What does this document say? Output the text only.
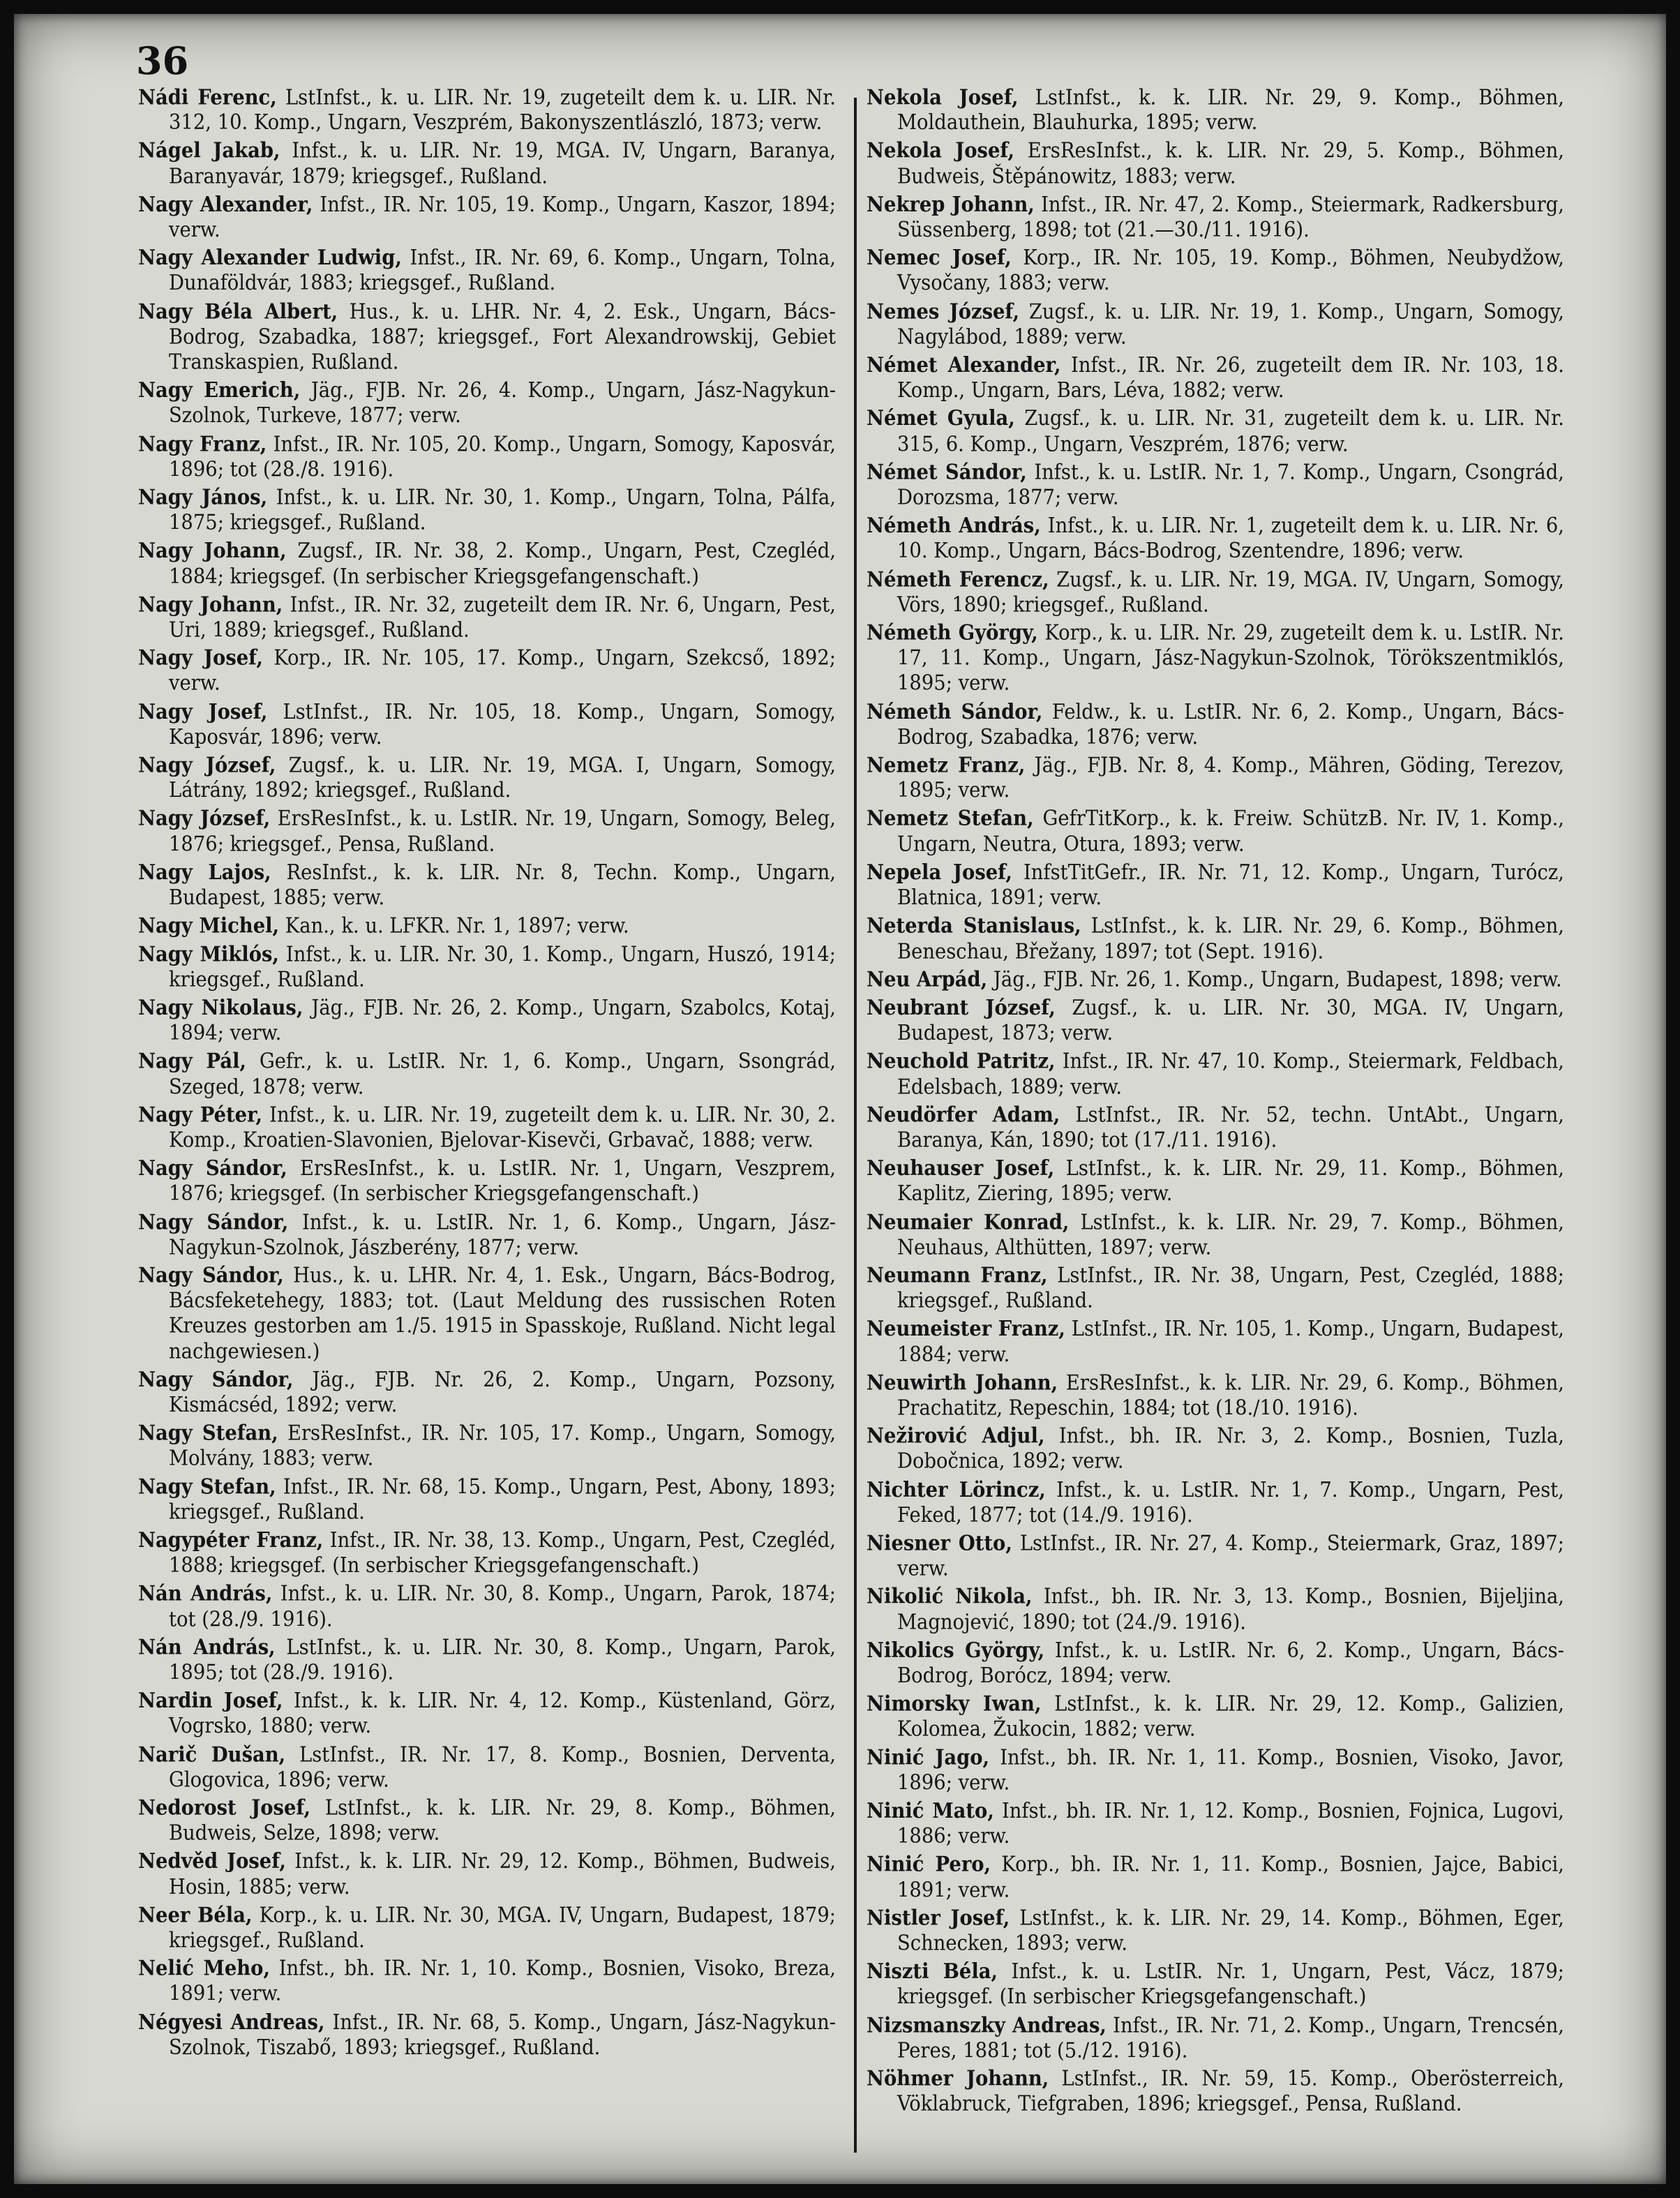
36

Nádi Ferenc, LstInfst., k. u. LIR. Nr. 19, zugeteilt dem k. u. LIR. Nr. 312, 10. Komp., Ungarn, Veszprém, Bakonyszentlászló, 1873; verw.

Nágel Jakab, Infst., k. u. LIR. Nr. 19, MGA. IV, Ungarn, Baranya, Baranyavár, 1879; kriegsgef., Rußland.

Nagy Alexander, Infst., IR. Nr. 105, 19. Komp., Ungarn, Kaszor, 1894; verw.

Nagy Alexander Ludwig, Infst., IR. Nr. 69, 6. Komp., Ungarn, Tolna, Dunaföldvár, 1883; kriegsgef., Rußland.

Nagy Béla Albert, Hus., k. u. LHR. Nr. 4, 2. Esk., Ungarn, Bács-Bodrog, Szabadka, 1887; kriegsgef., Fort Alexandrowskij, Gebiet Transkaspien, Rußland.

Nagy Emerich, Jäg., FJB. Nr. 26, 4. Komp., Ungarn, Jász-Nagykun-Szolnok, Turkeve, 1877; verw.

Nagy Franz, Infst., IR. Nr. 105, 20. Komp., Ungarn, Somogy, Kaposvár, 1896; tot (28./8. 1916).

Nagy János, Infst., k. u. LIR. Nr. 30, 1. Komp., Ungarn, Tolna, Pálfa, 1875; kriegsgef., Rußland.

Nagy Johann, Zugsf., IR. Nr. 38, 2. Komp., Ungarn, Pest, Czegléd, 1884; kriegsgef. (In serbischer Kriegsgefangenschaft.)

Nagy Johann, Infst., IR. Nr. 32, zugeteilt dem IR. Nr. 6, Ungarn, Pest, Uri, 1889; kriegsgef., Rußland.

Nagy Josef, Korp., IR. Nr. 105, 17. Komp., Ungarn, Szekcső, 1892; verw.

Nagy Josef, LstInfst., IR. Nr. 105, 18. Komp., Ungarn, Somogy, Kaposvár, 1896; verw.

Nagy József, Zugsf., k. u. LIR. Nr. 19, MGA. I, Ungarn, Somogy, Látrány, 1892; kriegsgef., Rußland.

Nagy József, ErsResInfst., k. u. LstIR. Nr. 19, Ungarn, Somogy, Beleg, 1876; kriegsgef., Pensa, Rußland.

Nagy Lajos, ResInfst., k. k. LIR. Nr. 8, Techn. Komp., Ungarn, Budapest, 1885; verw.

Nagy Michel, Kan., k. u. LFKR. Nr. 1, 1897; verw.

Nagy Miklós, Infst., k. u. LIR. Nr. 30, 1. Komp., Ungarn, Huszó, 1914; kriegsgef., Rußland.

Nagy Nikolaus, Jäg., FJB. Nr. 26, 2. Komp., Ungarn, Szabolcs, Kotaj, 1894; verw.

Nagy Pál, Gefr., k. u. LstIR. Nr. 1, 6. Komp., Ungarn, Ssongrád, Szeged, 1878; verw.

Nagy Péter, Infst., k. u. LIR. Nr. 19, zugeteilt dem k. u. LIR. Nr. 30, 2. Komp., Kroatien-Slavonien, Bjelovar-Kisevči, Grbavač, 1888; verw.

Nagy Sándor, ErsResInfst., k. u. LstIR. Nr. 1, Ungarn, Veszprem, 1876; kriegsgef. (In serbischer Kriegsgefangenschaft.)

Nagy Sándor, Infst., k. u. LstIR. Nr. 1, 6. Komp., Ungarn, Jász-Nagykun-Szolnok, Jászberény, 1877; verw.

Nagy Sándor, Hus., k. u. LHR. Nr. 4, 1. Esk., Ungarn, Bács-Bodrog, Bácsfeketehegy, 1883; tot. (Laut Meldung des russischen Roten Kreuzes gestorben am 1./5. 1915 in Spasskoje, Rußland. Nicht legal nachgewiesen.)

Nagy Sándor, Jäg., FJB. Nr. 26, 2. Komp., Ungarn, Pozsony, Kismácséd, 1892; verw.

Nagy Stefan, ErsResInfst., IR. Nr. 105, 17. Komp., Ungarn, Somogy, Molvány, 1883; verw.

Nagy Stefan, Infst., IR. Nr. 68, 15. Komp., Ungarn, Pest, Abony, 1893; kriegsgef., Rußland.

Nagypéter Franz, Infst., IR. Nr. 38, 13. Komp., Ungarn, Pest, Czegléd, 1888; kriegsgef. (In serbischer Kriegsgefangenschaft.)

Nán András, Infst., k. u. LIR. Nr. 30, 8. Komp., Ungarn, Parok, 1874; tot (28./9. 1916).

Nán András, LstInfst., k. u. LIR. Nr. 30, 8. Komp., Ungarn, Parok, 1895; tot (28./9. 1916).

Nardin Josef, Infst., k. k. LIR. Nr. 4, 12. Komp., Küstenland, Görz, Vogrsko, 1880; verw.

Narič Dušan, LstInfst., IR. Nr. 17, 8. Komp., Bosnien, Derventa, Glogovica, 1896; verw.

Nedorost Josef, LstInfst., k. k. LIR. Nr. 29, 8. Komp., Böhmen, Budweis, Selze, 1898; verw.

Nedvěd Josef, Infst., k. k. LIR. Nr. 29, 12. Komp., Böhmen, Budweis, Hosin, 1885; verw.

Neer Béla, Korp., k. u. LIR. Nr. 30, MGA. IV, Ungarn, Budapest, 1879; kriegsgef., Rußland.

Nelić Meho, Infst., bh. IR. Nr. 1, 10. Komp., Bosnien, Visoko, Breza, 1891; verw.

Négyesi Andreas, Infst., IR. Nr. 68, 5. Komp., Ungarn, Jász-Nagykun-Szolnok, Tiszabő, 1893; kriegsgef., Rußland.

Nekola Josef, LstInfst., k. k. LIR. Nr. 29, 9. Komp., Böhmen, Moldauthein, Blauhurka, 1895; verw.

Nekola Josef, ErsResInfst., k. k. LIR. Nr. 29, 5. Komp., Böhmen, Budweis, Štěpánowitz, 1883; verw.

Nekrep Johann, Infst., IR. Nr. 47, 2. Komp., Steiermark, Radkersburg, Süssenberg, 1898; tot (21.—30./11. 1916).

Nemec Josef, Korp., IR. Nr. 105, 19. Komp., Böhmen, Neubydžow, Vysočany, 1883; verw.

Nemes József, Zugsf., k. u. LIR. Nr. 19, 1. Komp., Ungarn, Somogy, Nagylábod, 1889; verw.

Német Alexander, Infst., IR. Nr. 26, zugeteilt dem IR. Nr. 103, 18. Komp., Ungarn, Bars, Léva, 1882; verw.

Német Gyula, Zugsf., k. u. LIR. Nr. 31, zugeteilt dem k. u. LIR. Nr. 315, 6. Komp., Ungarn, Veszprém, 1876; verw.

Német Sándor, Infst., k. u. LstIR. Nr. 1, 7. Komp., Ungarn, Csongrád, Dorozsma, 1877; verw.

Németh András, Infst., k. u. LIR. Nr. 1, zugeteilt dem k. u. LIR. Nr. 6, 10. Komp., Ungarn, Bács-Bodrog, Szentendre, 1896; verw.

Németh Ferencz, Zugsf., k. u. LIR. Nr. 19, MGA. IV, Ungarn, Somogy, Vörs, 1890; kriegsgef., Rußland.

Németh György, Korp., k. u. LIR. Nr. 29, zugeteilt dem k. u. LstIR. Nr. 17, 11. Komp., Ungarn, Jász-Nagykun-Szolnok, Törökszentmiklós, 1895; verw.

Németh Sándor, Feldw., k. u. LstIR. Nr. 6, 2. Komp., Ungarn, Bács-Bodrog, Szabadka, 1876; verw.

Nemetz Franz, Jäg., FJB. Nr. 8, 4. Komp., Mähren, Göding, Terezov, 1895; verw.

Nemetz Stefan, GefrTitKorp., k. k. Freiw. SchützB. Nr. IV, 1. Komp., Ungarn, Neutra, Otura, 1893; verw.

Nepela Josef, InfstTitGefr., IR. Nr. 71, 12. Komp., Ungarn, Turócz, Blatnica, 1891; verw.

Neterda Stanislaus, LstInfst., k. k. LIR. Nr. 29, 6. Komp., Böhmen, Beneschau, Břežany, 1897; tot (Sept. 1916).

Neu Arpád, Jäg., FJB. Nr. 26, 1. Komp., Ungarn, Budapest, 1898; verw.

Neubrant József, Zugsf., k. u. LIR. Nr. 30, MGA. IV, Ungarn, Budapest, 1873; verw.

Neuchold Patritz, Infst., IR. Nr. 47, 10. Komp., Steiermark, Feldbach, Edelsbach, 1889; verw.

Neudörfer Adam, LstInfst., IR. Nr. 52, techn. UntAbt., Ungarn, Baranya, Kán, 1890; tot (17./11. 1916).

Neuhauser Josef, LstInfst., k. k. LIR. Nr. 29, 11. Komp., Böhmen, Kaplitz, Ziering, 1895; verw.

Neumaier Konrad, LstInfst., k. k. LIR. Nr. 29, 7. Komp., Böhmen, Neuhaus, Althütten, 1897; verw.

Neumann Franz, LstInfst., IR. Nr. 38, Ungarn, Pest, Czegléd, 1888; kriegsgef., Rußland.

Neumeister Franz, LstInfst., IR. Nr. 105, 1. Komp., Ungarn, Budapest, 1884; verw.

Neuwirth Johann, ErsResInfst., k. k. LIR. Nr. 29, 6. Komp., Böhmen, Prachatitz, Repeschin, 1884; tot (18./10. 1916).

Nežirović Adjul, Infst., bh. IR. Nr. 3, 2. Komp., Bosnien, Tuzla, Dobočnica, 1892; verw.

Nichter Lörincz, Infst., k. u. LstIR. Nr. 1, 7. Komp., Ungarn, Pest, Feked, 1877; tot (14./9. 1916).

Niesner Otto, LstInfst., IR. Nr. 27, 4. Komp., Steiermark, Graz, 1897; verw.

Nikolić Nikola, Infst., bh. IR. Nr. 3, 13. Komp., Bosnien, Bijeljina, Magnojević, 1890; tot (24./9. 1916).

Nikolics György, Infst., k. u. LstIR. Nr. 6, 2. Komp., Ungarn, Bács-Bodrog, Borócz, 1894; verw.

Nimorsky Iwan, LstInfst., k. k. LIR. Nr. 29, 12. Komp., Galizien, Kolomea, Žukocin, 1882; verw.

Ninić Jago, Infst., bh. IR. Nr. 1, 11. Komp., Bosnien, Visoko, Javor, 1896; verw.

Ninić Mato, Infst., bh. IR. Nr. 1, 12. Komp., Bosnien, Fojnica, Lugovi, 1886; verw.

Ninić Pero, Korp., bh. IR. Nr. 1, 11. Komp., Bosnien, Jajce, Babici, 1891; verw.

Nistler Josef, LstInfst., k. k. LIR. Nr. 29, 14. Komp., Böhmen, Eger, Schnecken, 1893; verw.

Niszti Béla, Infst., k. u. LstIR. Nr. 1, Ungarn, Pest, Vácz, 1879; kriegsgef. (In serbischer Kriegsgefangenschaft.)

Nizsmanszky Andreas, Infst., IR. Nr. 71, 2. Komp., Ungarn, Trencsén, Peres, 1881; tot (5./12. 1916).

Nöhmer Johann, LstInfst., IR. Nr. 59, 15. Komp., Oberösterreich, Vöklabruck, Tiefgraben, 1896; kriegsgef., Pensa, Rußland.
